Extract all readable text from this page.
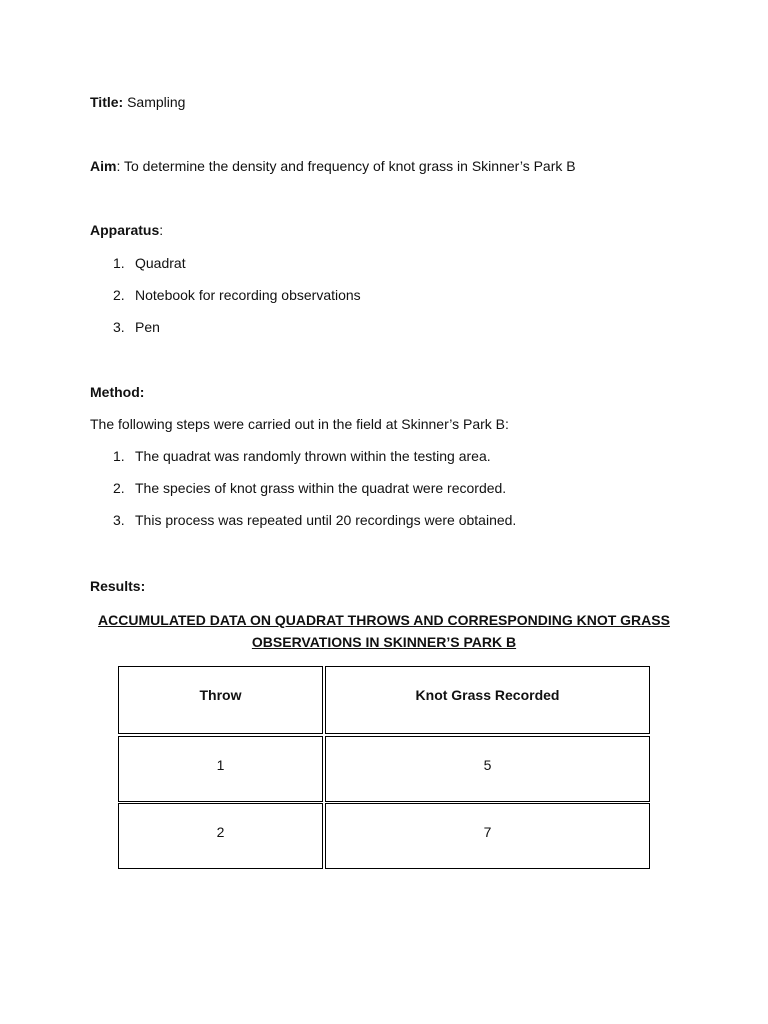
Title: Sampling
Aim: To determine the density and frequency of knot grass in Skinner’s Park B
Apparatus:
1. Quadrat
2. Notebook for recording observations
3. Pen
Method:
The following steps were carried out in the field at Skinner’s Park B:
1. The quadrat was randomly thrown within the testing area.
2. The species of knot grass within the quadrat were recorded.
3. This process was repeated until 20 recordings were obtained.
Results:
ACCUMULATED DATA ON QUADRAT THROWS AND CORRESPONDING KNOT GRASS
OBSERVATIONS IN SKINNER’S PARK B
Throw	Knot Grass Recorded
1	5
2	7
